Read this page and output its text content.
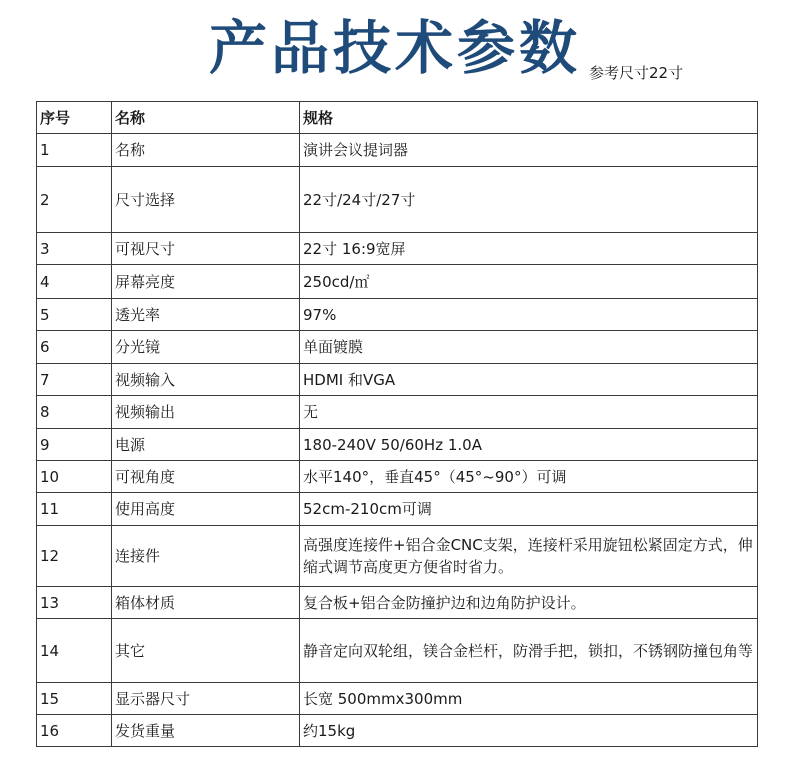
产品技术参数 参考尺寸22寸
序号	名称	规格
1	名称	演讲会议提词器
2	尺寸选择	22寸/24寸/27寸
3	可视尺寸	22寸 16:9宽屏
4	屏幕亮度	250cd/㎡
5	透光率	97%
6	分光镜	单面镀膜
7	视频输入	HDMI 和VGA
8	视频输出	无
9	电源	180-240V 50/60Hz 1.0A
10	可视角度	水平140°，垂直45°（45°~90°）可调
11	使用高度	52cm-210cm可调
12	连接件	高强度连接件+铝合金CNC支架，连接杆采用旋钮松紧固定方式，伸缩式调节高度更方便省时省力。
13	箱体材质	复合板+铝合金防撞护边和边角防护设计。
14	其它	静音定向双轮组，镁合金栏杆，防滑手把，锁扣，不锈钢防撞包角等
15	显示器尺寸	长宽 500mmx300mm
16	发货重量	约15kg
